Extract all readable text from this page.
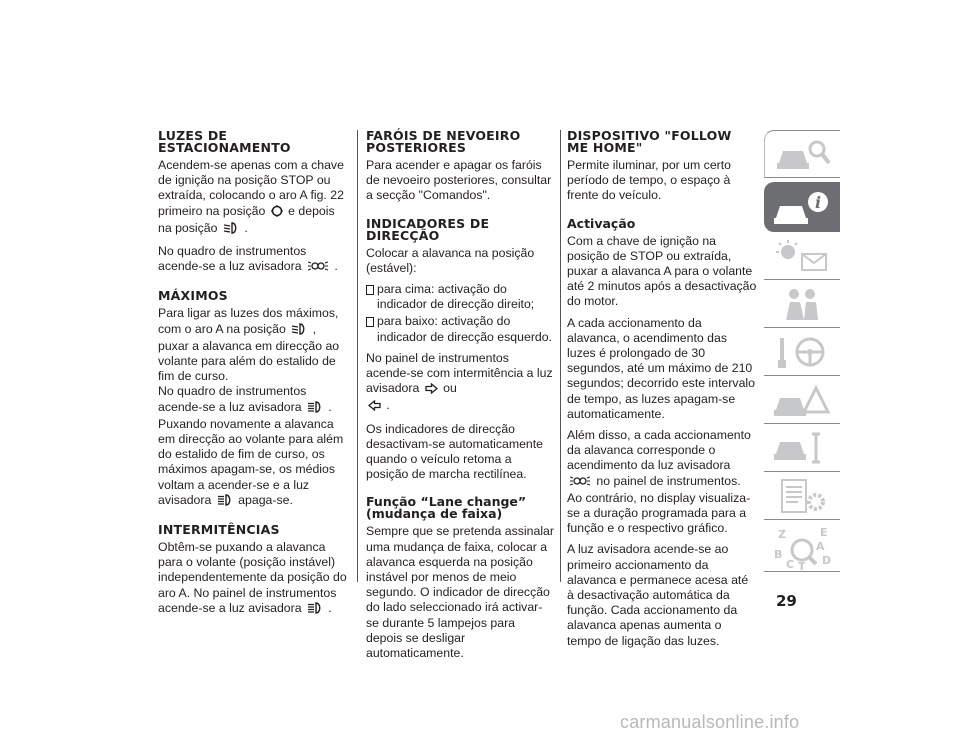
LUZES DE ESTACIONAMENTO

Acendem-se apenas com a chave de ignição na posição STOP ou extraída, colocando o aro A fig. 22 primeiro na posição e depois na posição .

No quadro de instrumentos acende-se a luz avisadora	.

MÁXIMOS

Para ligar as luzes dos máximos, com o aro A na posição , puxar a alavanca em direcção ao volante para além do estalido de fim de curso.
No quadro de instrumentos acende-se a luz avisadora . Puxando novamente a alavanca em direcção ao volante para além do estalido de fim de curso, os máximos apagam-se, os médios voltam a acender-se e a luz avisadora apaga-se.

INTERMITÊNCIAS

Obtêm-se puxando a alavanca para o volante (posição instável) independentemente da posição do aro A. No painel de instrumentos acende-se a luz avisadora .

FARÓIS DE NEVOEIRO POSTERIORES

Para acender e apagar os faróis de nevoeiro posteriores, consultar a secção "Comandos".

INDICADORES DE DIRECÇÃO

Colocar a alavanca na posição (estável):

para cima: activação do indicador de direcção direito;
para baixo: activação do indicador de direcção esquerdo.

No painel de instrumentos acende-se com intermitência a luz avisadora ou
.

Os indicadores de direcção desactivam-se automaticamente quando o veículo retoma a posição de marcha rectilínea.

Função “Lane change” (mudança de faixa)

Sempre que se pretenda assinalar uma mudança de faixa, colocar a alavanca esquerda na posição instável por menos de meio segundo. O indicador de direcção do lado seleccionado irá activar-se durante 5 lampejos para depois se desligar automaticamente.

DISPOSITIVO "FOLLOW ME HOME"

Permite iluminar, por um certo período de tempo, o espaço à frente do veículo.

Activação

Com a chave de ignição na posição de STOP ou extraída, puxar a alavanca A para o volante até 2 minutos após a desactivação do motor.

A cada accionamento da alavanca, o acendimento das luzes é prolongado de 30 segundos, até um máximo de 210 segundos; decorrido este intervalo de tempo, as luzes apagam-se automaticamente.

Além disso, a cada accionamento da alavanca corresponde o acendimento da luz avisadora  no painel de instrumentos. Ao contrário, no display visualiza-se a duração programada para a função e o respectivo gráfico.

A luz avisadora acende-se ao primeiro accionamento da alavanca e permanece acesa até à desactivação automática da função. Cada accionamento da alavanca apenas aumenta o tempo de ligação das luzes.

i
Z	E
A
B
C T D
29
carmanualsonline.info
